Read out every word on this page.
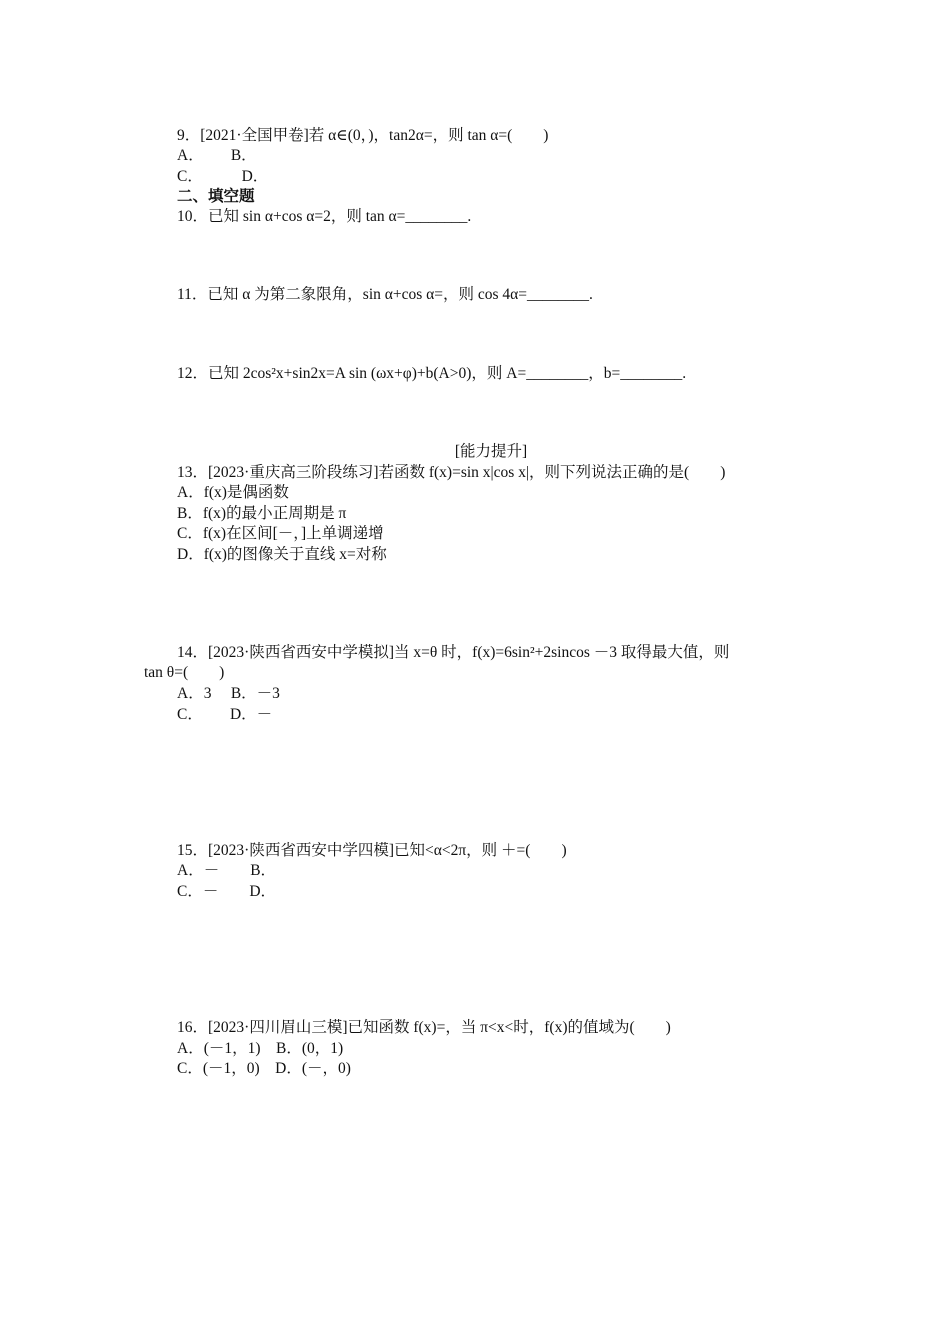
9．[2021·全国甲卷]若 α∈(0，)，tan2α=，则 tan α=(　　)
A．　　 B．
C．　　　D．
二、填空题
10．已知 sin α+cos α=2，则 tan α=________.
11．已知 α 为第二象限角，sin α+cos α=，则 cos 4α=________.
12．已知 2cos²x+sin2x=A sin (ωx+φ)+b(A>0)，则 A=________，b=________.
[能力提升]
13．[2023·重庆高三阶段练习]若函数 f(x)=sin x|cos x|，则下列说法正确的是(　　)
A．f(x)是偶函数
B．f(x)的最小正周期是 π
C．f(x)在区间[－，]上单调递增
D．f(x)的图像关于直线 x=对称
14．[2023·陕西省西安中学模拟]当 x=θ 时，f(x)=6sin²+2sincos －3 取得最大值，则
tan θ=(　　)
A．3　 B．－3
C．　　 D．－
15．[2023·陕西省西安中学四模]已知<α<2π，则 ＋=(　　)
A．－　　B．
C．－　　D．
16．[2023·四川眉山三模]已知函数 f(x)=，当 π<x<时，f(x)的值域为(　　)
A．(－1，1)　B．(0，1)
C．(－1，0)　D．(－，0)
